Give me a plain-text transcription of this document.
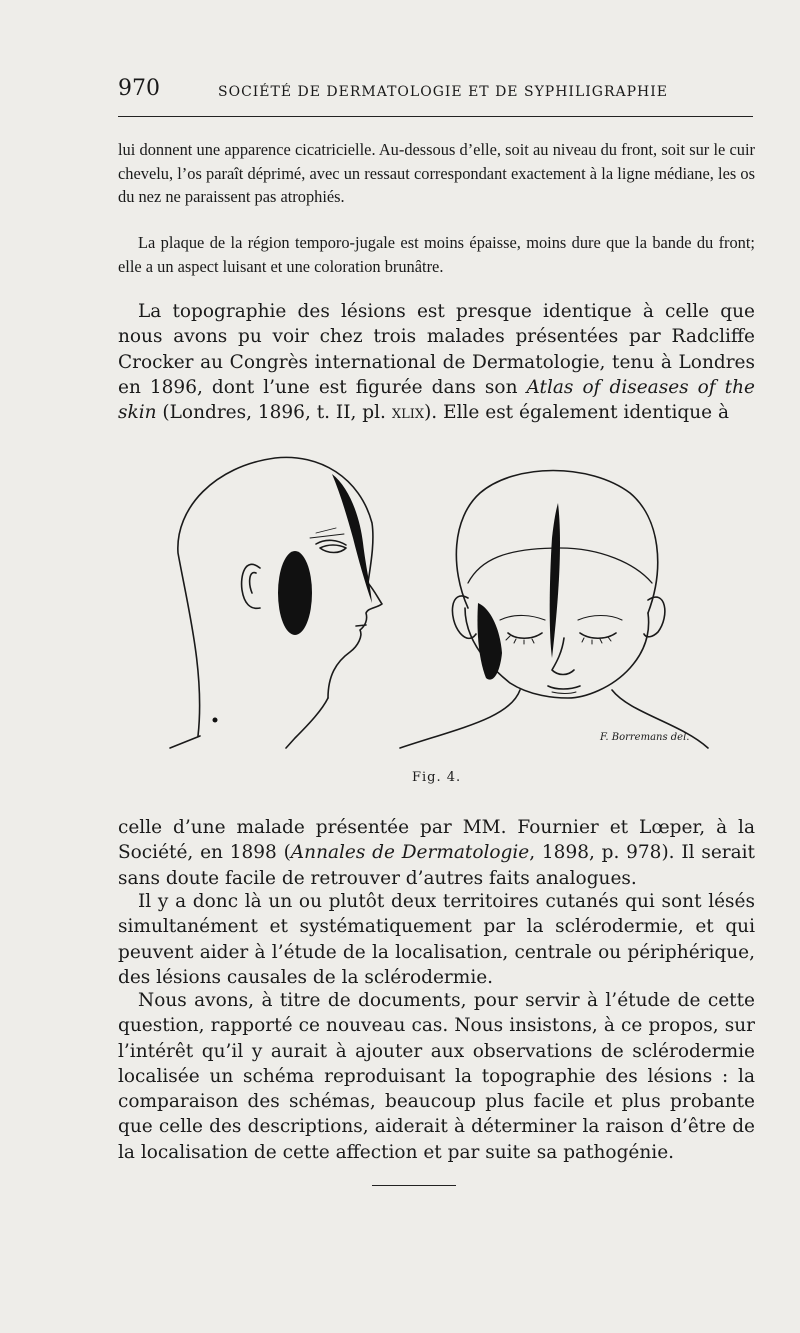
970	SOCIÉTÉ DE DERMATOLOGIE ET DE SYPHILIGRAPHIE

lui donnent une apparence cicatricielle. Au-dessous d’elle, soit au niveau du front, soit sur le cuir chevelu, l’os paraît déprimé, avec un ressaut correspondant exactement à la ligne médiane, les os du nez ne paraissent pas atrophiés.

La plaque de la région temporo-jugale est moins épaisse, moins dure que la bande du front; elle a un aspect luisant et une coloration brunâtre.

La topographie des lésions est presque identique à celle que nous avons pu voir chez trois malades présentées par Radcliffe Crocker au Congrès international de Dermatologie, tenu à Londres en 1896, dont l’une est figurée dans son Atlas of diseases of the skin (Londres, 1896, t. II, pl. xlix). Elle est également identique à

F. Borremans del.
Fig. 4.

celle d’une malade présentée par MM. Fournier et Lœper, à la Société, en 1898 (Annales de Dermatologie, 1898, p. 978). Il serait sans doute facile de retrouver d’autres faits analogues.

Il y a donc là un ou plutôt deux territoires cutanés qui sont lésés simultanément et systématiquement par la sclérodermie, et qui peuvent aider à l’étude de la localisation, centrale ou périphérique, des lésions causales de la sclérodermie.

Nous avons, à titre de documents, pour servir à l’étude de cette question, rapporté ce nouveau cas. Nous insistons, à ce propos, sur l’intérêt qu’il y aurait à ajouter aux observations de sclérodermie localisée un schéma reproduisant la topographie des lésions : la comparaison des schémas, beaucoup plus facile et plus probante que celle des descriptions, aiderait à déterminer la raison d’être de la localisation de cette affection et par suite sa pathogénie.
